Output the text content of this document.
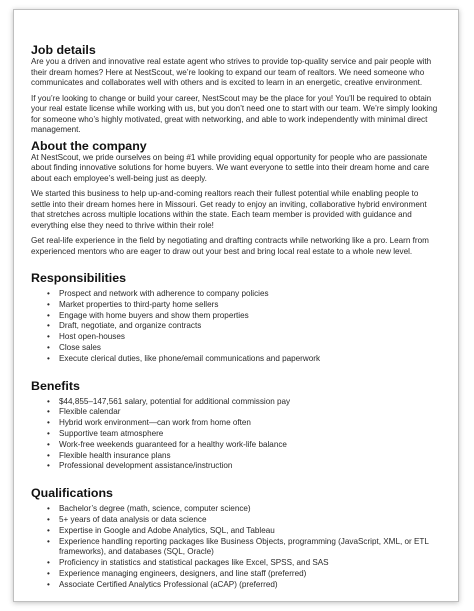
Job details

Are you a driven and innovative real estate agent who strives to provide top-quality service and pair people with their dream homes? Here at NestScout, we’re looking to expand our team of realtors. We need someone who communicates and collaborates well with others and is excited to learn in an energetic, creative environment.

If you’re looking to change or build your career, NestScout may be the place for you! You’ll be required to obtain your real estate license while working with us, but you don’t need one to start with our team. We’re simply looking for someone who’s highly motivated, great with networking, and able to work independently with minimal direct management.

About the company

At NestScout, we pride ourselves on being #1 while providing equal opportunity for people who are passionate about finding innovative solutions for home buyers. We want everyone to settle into their dream home and care about each employee’s well-being just as deeply.

We started this business to help up-and-coming realtors reach their fullest potential while enabling people to settle into their dream homes here in Missouri. Get ready to enjoy an inviting, collaborative hybrid environment that stretches across multiple locations within the state. Each team member is provided with guidance and everything else they need to thrive within their role!

Get real-life experience in the field by negotiating and drafting contracts while networking like a pro. Learn from experienced mentors who are eager to draw out your best and bring local real estate to a whole new level.

Responsibilities
• Prospect and network with adherence to company policies
• Market properties to third-party home sellers
• Engage with home buyers and show them properties
• Draft, negotiate, and organize contracts
• Host open-houses
• Close sales
• Execute clerical duties, like phone/email communications and paperwork
Benefits
• $44,855–147,561 salary, potential for additional commission pay
• Flexible calendar
• Hybrid work environment—can work from home often
• Supportive team atmosphere
• Work-free weekends guaranteed for a healthy work-life balance
• Flexible health insurance plans
• Professional development assistance/instruction
Qualifications
• Bachelor’s degree (math, science, computer science)
• 5+ years of data analysis or data science
• Expertise in Google and Adobe Analytics, SQL, and Tableau
• Experience handling reporting packages like Business Objects, programming (JavaScript, XML, or ETL frameworks), and databases (SQL, Oracle)
• Proficiency in statistics and statistical packages like Excel, SPSS, and SAS
• Experience managing engineers, designers, and line staff (preferred)
• Associate Certified Analytics Professional (aCAP) (preferred)
